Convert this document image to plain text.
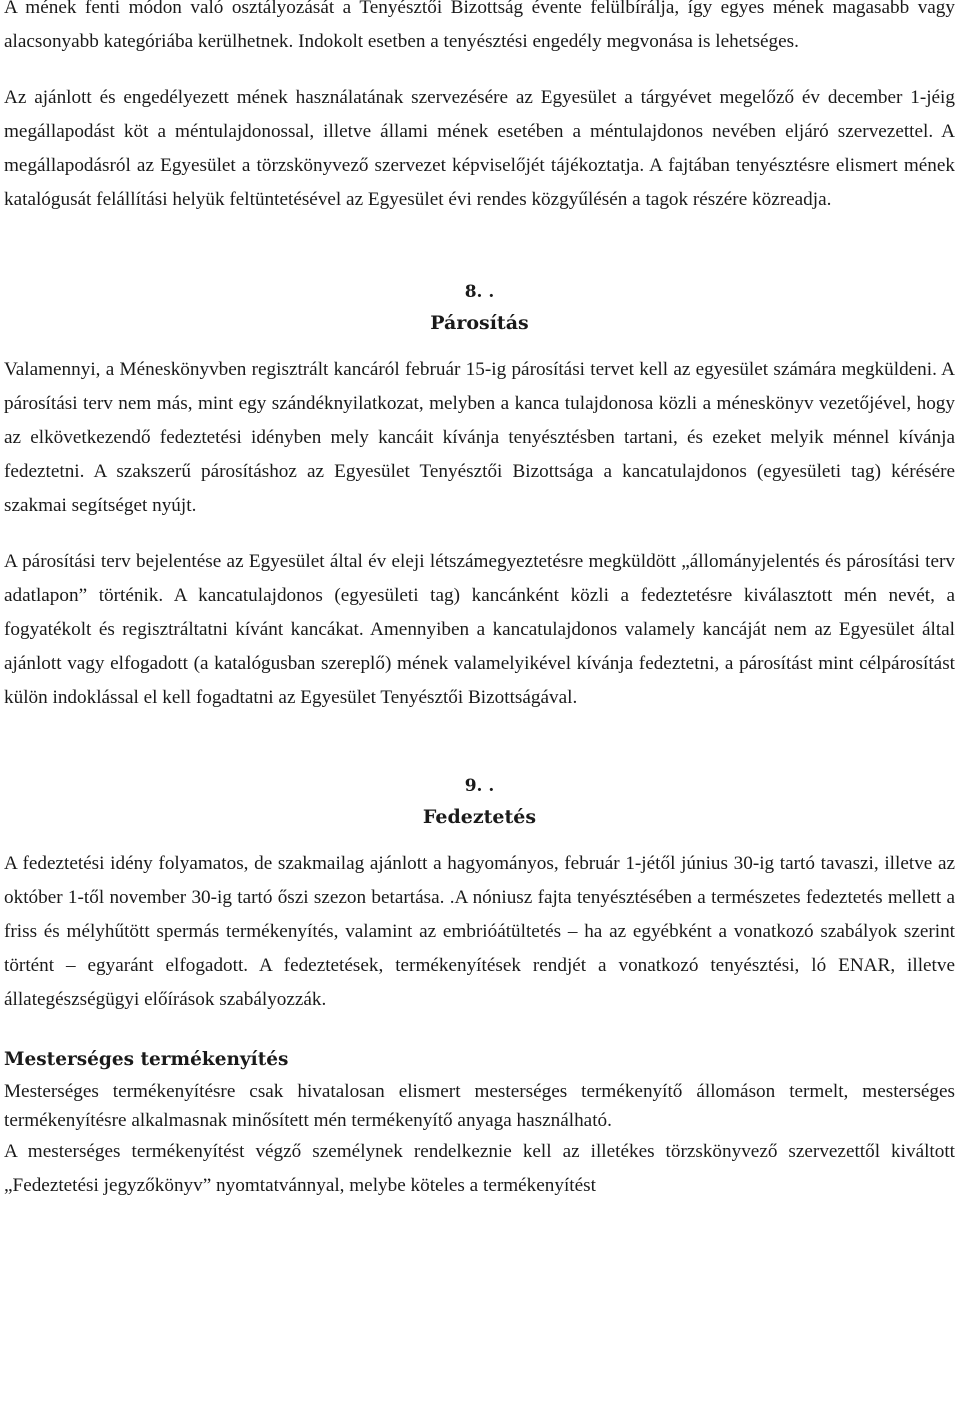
A mének fenti módon való osztályozását a Tenyésztői Bizottság évente felülbírálja, így egyes mének magasabb vagy alacsonyabb kategóriába kerülhetnek. Indokolt esetben a tenyésztési engedély megvonása is lehetséges.

Az ajánlott és engedélyezett mének használatának szervezésére az Egyesület a tárgyévet megelőző év december 1-jéig megállapodást köt a méntulajdonossal, illetve állami mének esetében a méntulajdonos nevében eljáró szervezettel. A megállapodásról az Egyesület a törzskönyvező szervezet képviselőjét tájékoztatja. A fajtában tenyésztésre elismert mének katalógusát felállítási helyük feltüntetésével az Egyesület évi rendes közgyűlésén a tagok részére közreadja.

8. .

Párosítás

Valamennyi, a Méneskönyvben regisztrált kancáról február 15-ig párosítási tervet kell az egyesület számára megküldeni. A párosítási terv nem más, mint egy szándéknyilatkozat, melyben a kanca tulajdonosa közli a méneskönyv vezetőjével, hogy az elkövetkezendő fedeztetési idényben mely kancáit kívánja tenyésztésben tartani, és ezeket melyik ménnel kívánja fedeztetni. A szakszerű párosításhoz az Egyesület Tenyésztői Bizottsága a kancatulajdonos (egyesületi tag) kérésére szakmai segítséget nyújt.

A párosítási terv bejelentése az Egyesület által év eleji létszámegyeztetésre megküldött „állományjelentés és párosítási terv adatlapon” történik. A kancatulajdonos (egyesületi tag) kancánként közli a fedeztetésre kiválasztott mén nevét, a fogyatékolt és regisztráltatni kívánt kancákat. Amennyiben a kancatulajdonos valamely kancáját nem az Egyesület által ajánlott vagy elfogadott (a katalógusban szereplő) mének valamelyikével kívánja fedeztetni, a párosítást mint célpárosítást külön indoklással el kell fogadtatni az Egyesület Tenyésztői Bizottságával.

9. .

Fedeztetés

A fedeztetési idény folyamatos, de szakmailag ajánlott a hagyományos, február 1-jétől június 30-ig tartó tavaszi, illetve az október 1-től november 30-ig tartó őszi szezon betartása. .A nóniusz fajta tenyésztésében a természetes fedeztetés mellett a friss és mélyhűtött spermás termékenyítés, valamint az embrióátültetés – ha az egyébként a vonatkozó szabályok szerint történt – egyaránt elfogadott. A fedeztetések, termékenyítések rendjét a vonatkozó tenyésztési, ló ENAR, illetve állategészségügyi előírások szabályozzák.

Mesterséges termékenyítés

Mesterséges termékenyítésre csak hivatalosan elismert mesterséges termékenyítő állomáson termelt, mesterséges termékenyítésre alkalmasnak minősített mén termékenyítő anyaga használható.

A mesterséges termékenyítést végző személynek rendelkeznie kell az illetékes törzskönyvező szervezettől kiváltott „Fedeztetési jegyzőkönyv” nyomtatvánnyal, melybe köteles a termékenyítést
